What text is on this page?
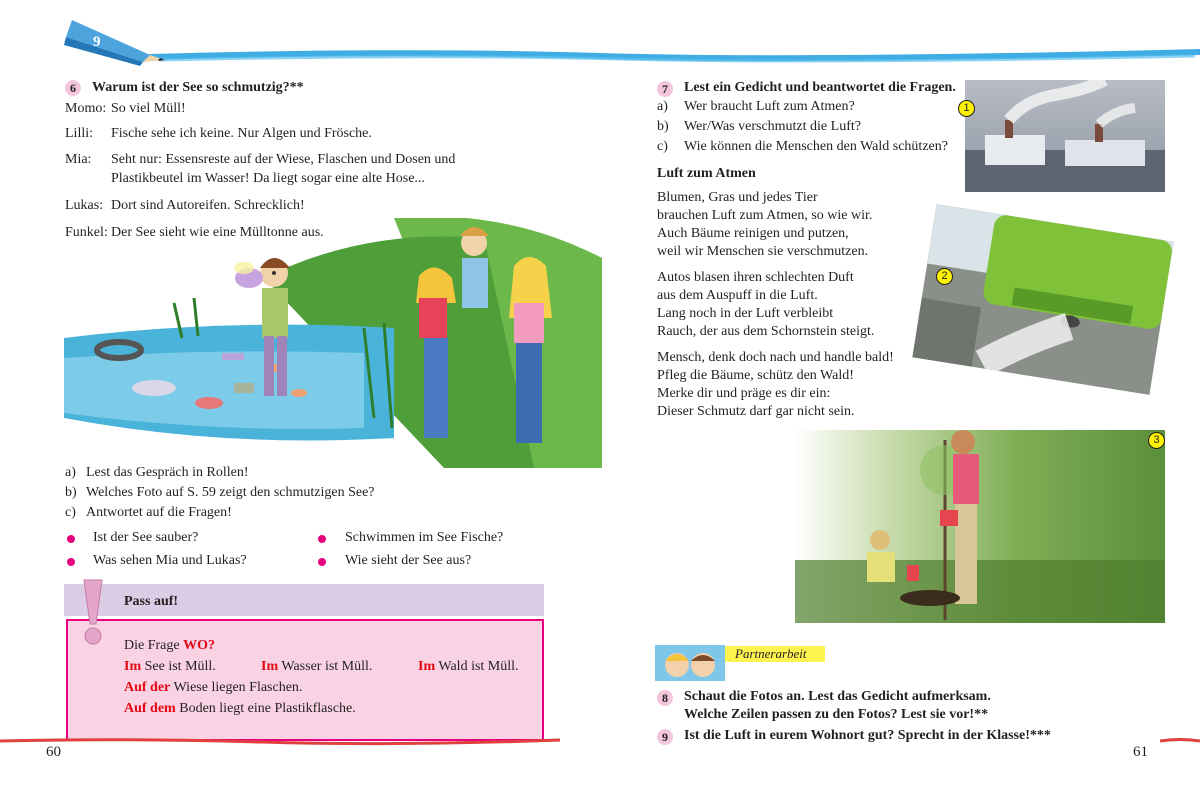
9
6	Warum ist der See so schmutzig?**
Momo: So viel Müll!
Lilli: Fische sehe ich keine. Nur Algen und Frösche.
Mia: Seht nur: Essensreste auf der Wiese, Flaschen und Dosen und
Plastikbeutel im Wasser! Da liegt sogar eine alte Hose...
Lukas: Dort sind Autoreifen. Schrecklich!
Funkel: Der See sieht wie eine Mülltonne aus.
a) Lest das Gespräch in Rollen!
b) Welches Foto auf S. 59 zeigt den schmutzigen See?
c) Antwortet auf die Fragen!
Ist der See sauber?
Was sehen Mia und Lukas?
Schwimmen im See Fische?
Wie sieht der See aus?
Pass auf!
Die Frage WO?
Im See ist Müll.	Im Wasser ist Müll.	Im Wald ist Müll.
Auf der Wiese liegen Flaschen.
Auf dem Boden liegt eine Plastikflasche.
60
7	Lest ein Gedicht und beantwortet die Fragen.
a) Wer braucht Luft zum Atmen?
b) Wer/Was verschmutzt die Luft?
c) Wie können die Menschen den Wald schützen?
Luft zum Atmen
Blumen, Gras und jedes Tier
brauchen Luft zum Atmen, so wie wir.
Auch Bäume reinigen und putzen,
weil wir Menschen sie verschmutzen.
Autos blasen ihren schlechten Duft
aus dem Auspuff in die Luft.
Lang noch in der Luft verbleibt
Rauch, der aus dem Schornstein steigt.
Mensch, denk doch nach und handle bald!
Pfleg die Bäume, schütz den Wald!
Merke dir und präge es dir ein:
Dieser Schmutz darf gar nicht sein.
1
2
3
Partnerarbeit
8	Schaut die Fotos an. Lest das Gedicht aufmerksam.
Welche Zeilen passen zu den Fotos? Lest sie vor!**
9	Ist die Luft in eurem Wohnort gut? Sprecht in der Klasse!***
61
